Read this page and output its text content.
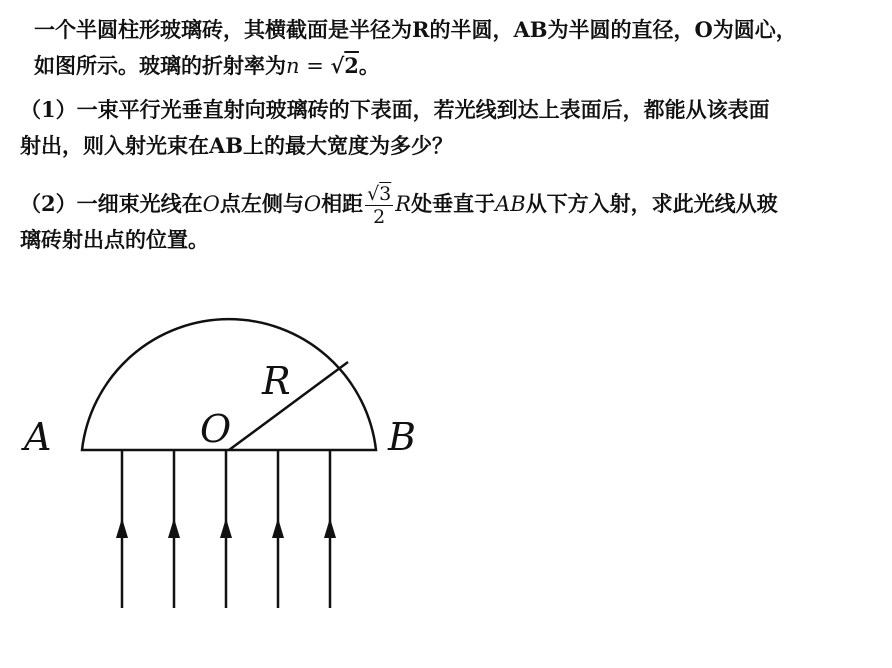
一个半圆柱形玻璃砖，其横截面是半径为R的半圆，AB为半圆的直径，O为圆心，
如图所示。玻璃的折射率为n = √2。
（1）一束平行光垂直射向玻璃砖的下表面，若光线到达上表面后，都能从该表面
射出，则入射光束在AB上的最大宽度为多少？
（2）一细束光线在O点左侧与O相距 $\frac{√3}{2}$ R处垂直于AB从下方入射，求此光线从玻
璃砖射出点的位置。
A	B
O
R
